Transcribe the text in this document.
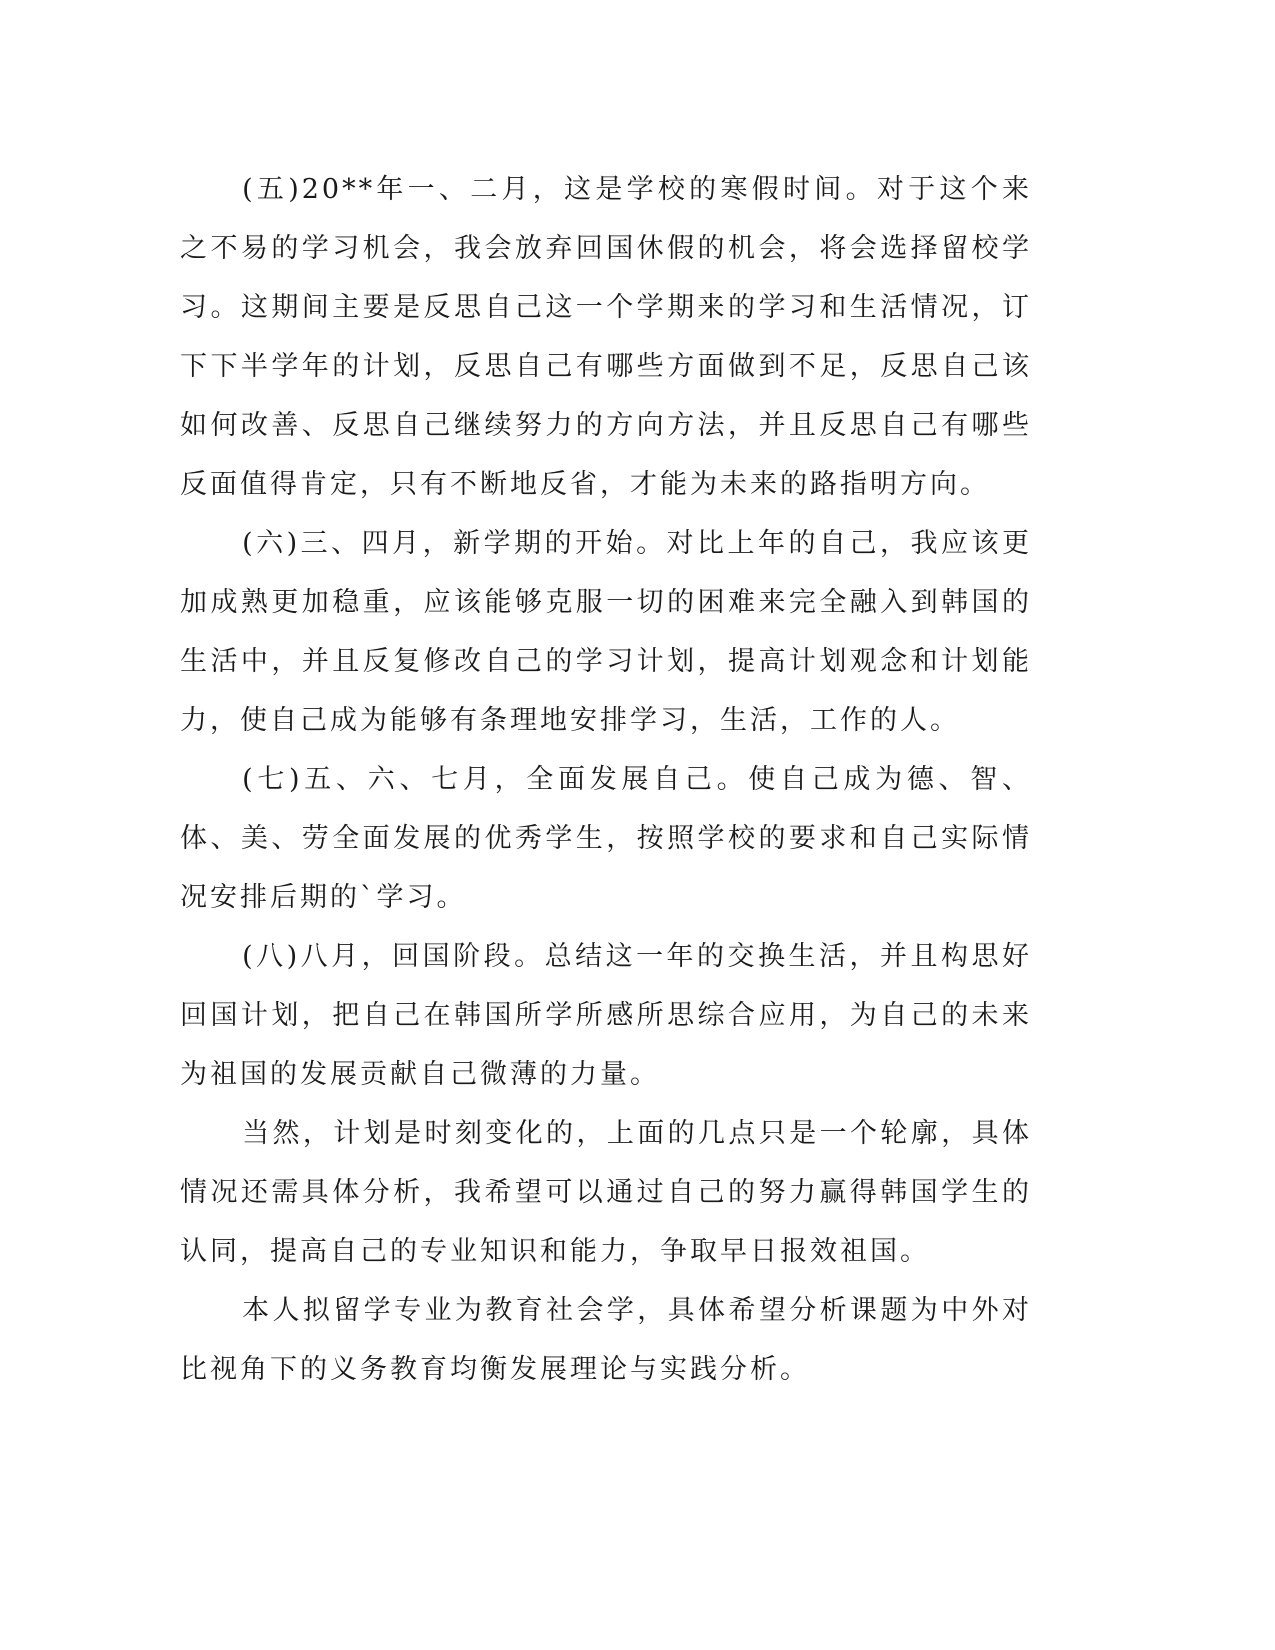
(五)20**年一、二月，这是学校的寒假时间。对于这个来之不易的学习机会，我会放弃回国休假的机会，将会选择留校学习。这期间主要是反思自己这一个学期来的学习和生活情况，订下下半学年的计划，反思自己有哪些方面做到不足，反思自己该如何改善、反思自己继续努力的方向方法，并且反思自己有哪些反面值得肯定，只有不断地反省，才能为未来的路指明方向。

(六)三、四月，新学期的开始。对比上年的自己，我应该更加成熟更加稳重，应该能够克服一切的困难来完全融入到韩国的生活中，并且反复修改自己的学习计划，提高计划观念和计划能力，使自己成为能够有条理地安排学习，生活，工作的人。

(七)五、六、七月，全面发展自己。使自己成为德、智、体、美、劳全面发展的优秀学生，按照学校的要求和自己实际情况安排后期的`学习。

(八)八月，回国阶段。总结这一年的交换生活，并且构思好回国计划，把自己在韩国所学所感所思综合应用，为自己的未来为祖国的发展贡献自己微薄的力量。

当然，计划是时刻变化的，上面的几点只是一个轮廓，具体情况还需具体分析，我希望可以通过自己的努力赢得韩国学生的认同，提高自己的专业知识和能力，争取早日报效祖国。

本人拟留学专业为教育社会学，具体希望分析课题为中外对比视角下的义务教育均衡发展理论与实践分析。
